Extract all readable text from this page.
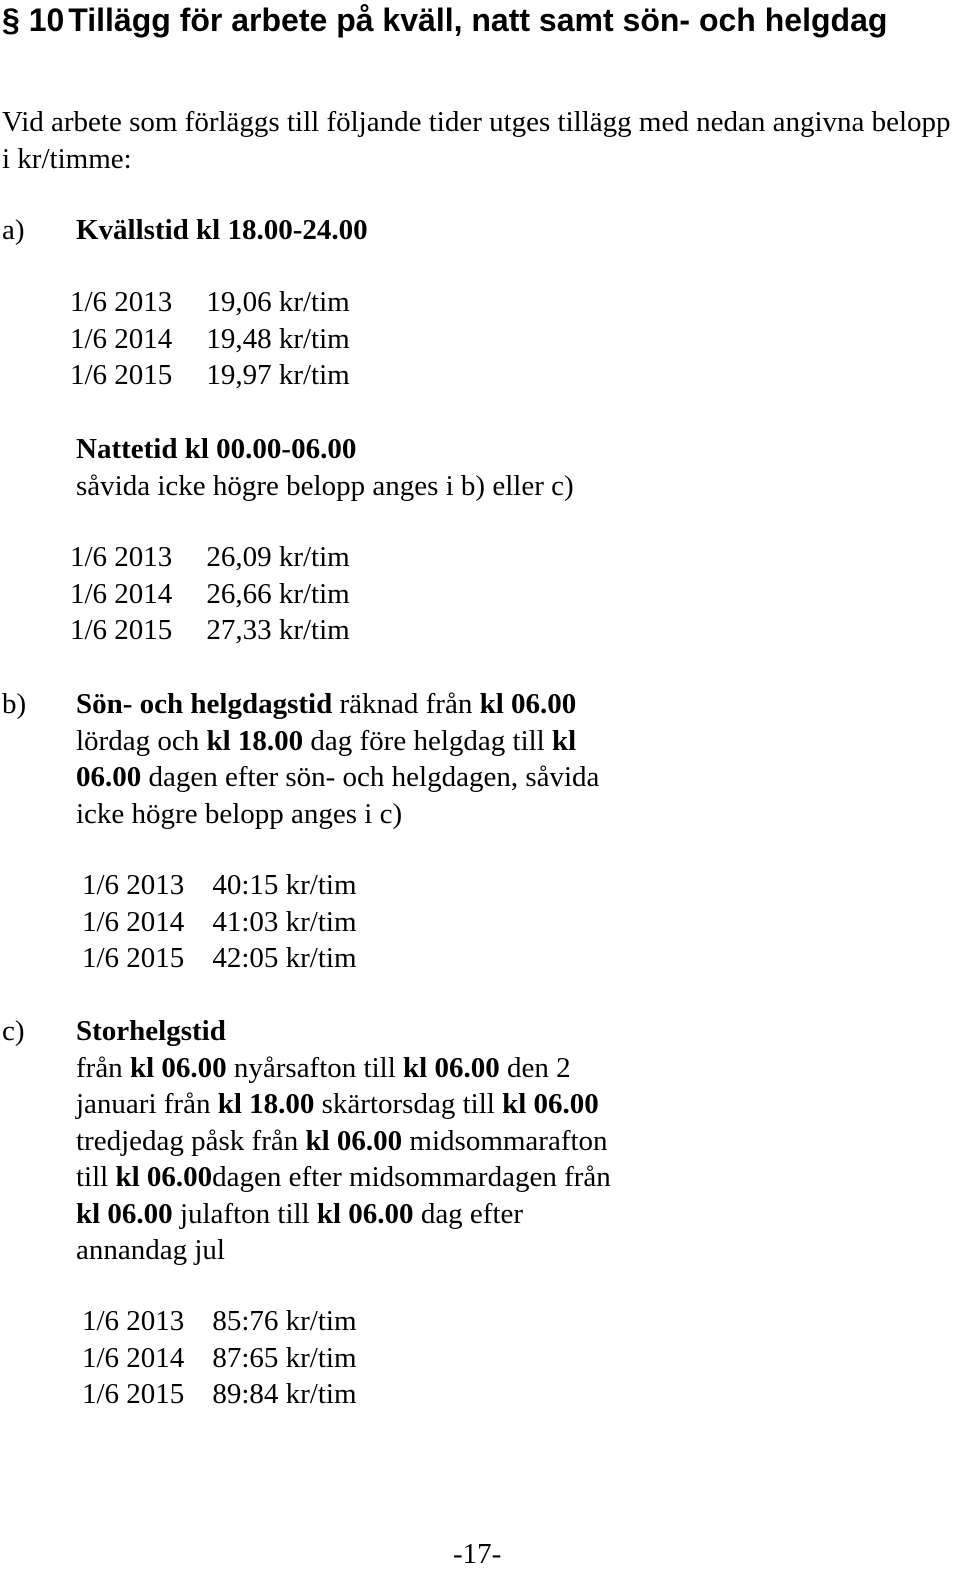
§ 10 Tillägg för arbete på kväll, natt samt sön- och helgdag

Vid arbete som förläggs till följande tider utges tillägg med nedan angivna belopp i kr/timme:

a)	Kvällstid kl 18.00-24.00
1/6 2013	19,06 kr/tim
1/6 2014	19,48 kr/tim
1/6 2015	19,97 kr/tim
Nattetid kl 00.00-06.00
såvida icke högre belopp anges i b) eller c)
1/6 2013	26,09 kr/tim
1/6 2014	26,66 kr/tim
1/6 2015	27,33 kr/tim
b)	Sön- och helgdagstid räknad från kl 06.00 lördag och kl 18.00 dag före helgdag till kl 06.00 dagen efter sön- och helgdagen, såvida icke högre belopp anges i c)

1/6 2013	40:15 kr/tim
1/6 2014	41:03 kr/tim
1/6 2015	42:05 kr/tim
c)	Storhelgstid
från kl 06.00 nyårsafton till kl 06.00 den 2 januari från kl 18.00 skärtorsdag till kl 06.00 tredjedag påsk från kl 06.00 midsommarafton till kl 06.00dagen efter midsommardagen från kl 06.00 julafton till kl 06.00 dag efter annandag jul
1/6 2013	85:76 kr/tim
1/6 2014	87:65 kr/tim
1/6 2015	89:84 kr/tim
-17-
